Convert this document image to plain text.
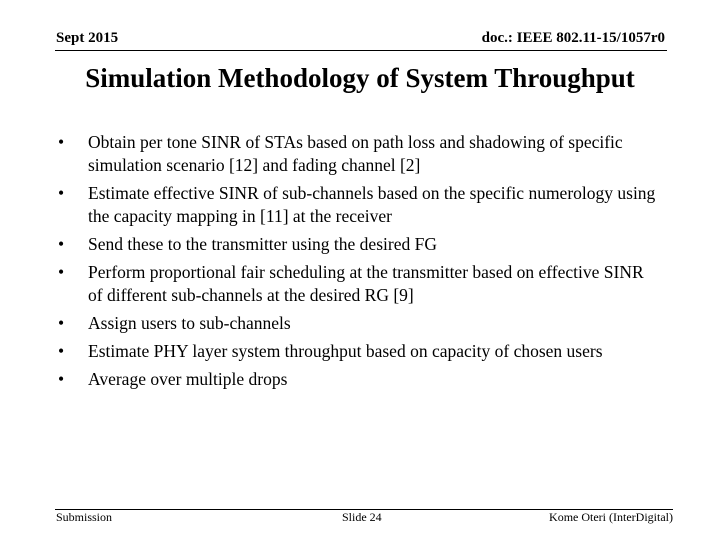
Sept 2015	doc.: IEEE 802.11-15/1057r0
Simulation Methodology of System Throughput
•	Obtain per tone SINR of STAs based on path loss and shadowing of specific simulation scenario [12] and fading channel [2]
•	Estimate effective SINR of sub-channels based on the specific numerology using the capacity mapping in [11] at the receiver
•	Send these to the transmitter using the desired FG
•	Perform proportional fair scheduling at the transmitter based on effective SINR of different sub-channels at the desired RG [9]
•	Assign users to sub-channels
•	Estimate PHY layer system throughput based on capacity of chosen users
•	Average over multiple drops
Submission	Slide 24	Kome Oteri (InterDigital)
